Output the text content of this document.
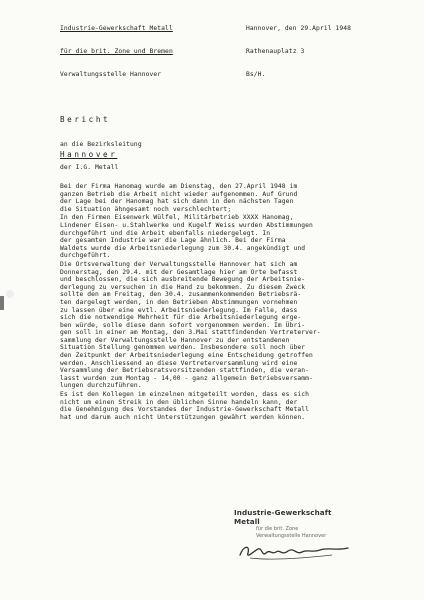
Industrie-Gewerkschaft Metall

für die brit. Zone und Bremen

Verwaltungsstelle Hannover

Hannover, den 29.April 1948

Rathenauplatz 3

Bs/H.

Bericht

an die Bezirksleitung

der I.G. Metall

Hannover
Bei der Firma Hanomag wurde am Dienstag, den 27.April 1948 im
ganzen Betrieb die Arbeit nicht wieder aufgenommen. Auf Grund
der Lage bei der Hanomag hat sich dann in den nächsten Tagen
die Situation ähngesamt noch verschlechtert;
In den Firmen Eisenwerk Wülfel, Militärbetrieb XXXX Hanomag,
Lindener Eisen- u.Stahlwerke und Kugelf Weiss wurden Abstimmungen
durchgeführt und die Arbeit ebenfalls niedergelegt. In
der gesamten Industrie war die Lage ähnlich. Bei der Firma
Waldets wurde die Arbeitsniederlegung zum 30.4. angekündigt und
durchgeführt.
Die Ortsverwaltung der Verwaltungsstelle Hannover hat sich am
Donnerstag, den 29.4. mit der Gesamtlage hier am Orte befasst
und beschlossen, die sich ausbreitende Bewegung der Arbeitsnie-
derlegung zu versuchen in die Hand zu bekommen. Zu diesem Zweck
sollte den am Freitag, den 30.4. zusammenkommenden Betriebsrä-
ten dargelegt werden, in den Betrieben Abstimmungen vornehmen
zu lassen über eine evtl. Arbeitsniederlegung. Im Falle, dass
sich die notwendige Mehrheit für die Arbeitsniederlegung erge-
ben würde, solle diese dann sofort vorgenommen werden. Im Übri-
gen soll in einer am Montag, den 3.Mai stattfindenden Vertreterver-
sammlung der Verwaltungsstelle Hannover zu der entstandenen
Situation Stellung genommen werden. Insbesondere soll noch über
den Zeitpunkt der Arbeitsniederlegung eine Entscheidung getroffen
werden. Anschliessend an diese Vertreterversammlung wird eine
Versammlung der Betriebsratsvorsitzenden stattfinden, die veran-
lasst wurden zum Montag - 14,00 - ganz allgemein Betriebsversamm-
lungen durchzuführen.
Es ist den Kollegen im einzelnen mitgeteilt worden, dass es sich
nicht um einen Streik in den üblichen Sinne handeln kann, der
die Genehmigung des Vorstandes der Industrie-Gewerkschaft Metall
hat und darum auch nicht Unterstützungen gewährt werden können.
Industrie-Gewerkschaft Metall
für die brit. Zone
Verwaltungsstelle Hannover
